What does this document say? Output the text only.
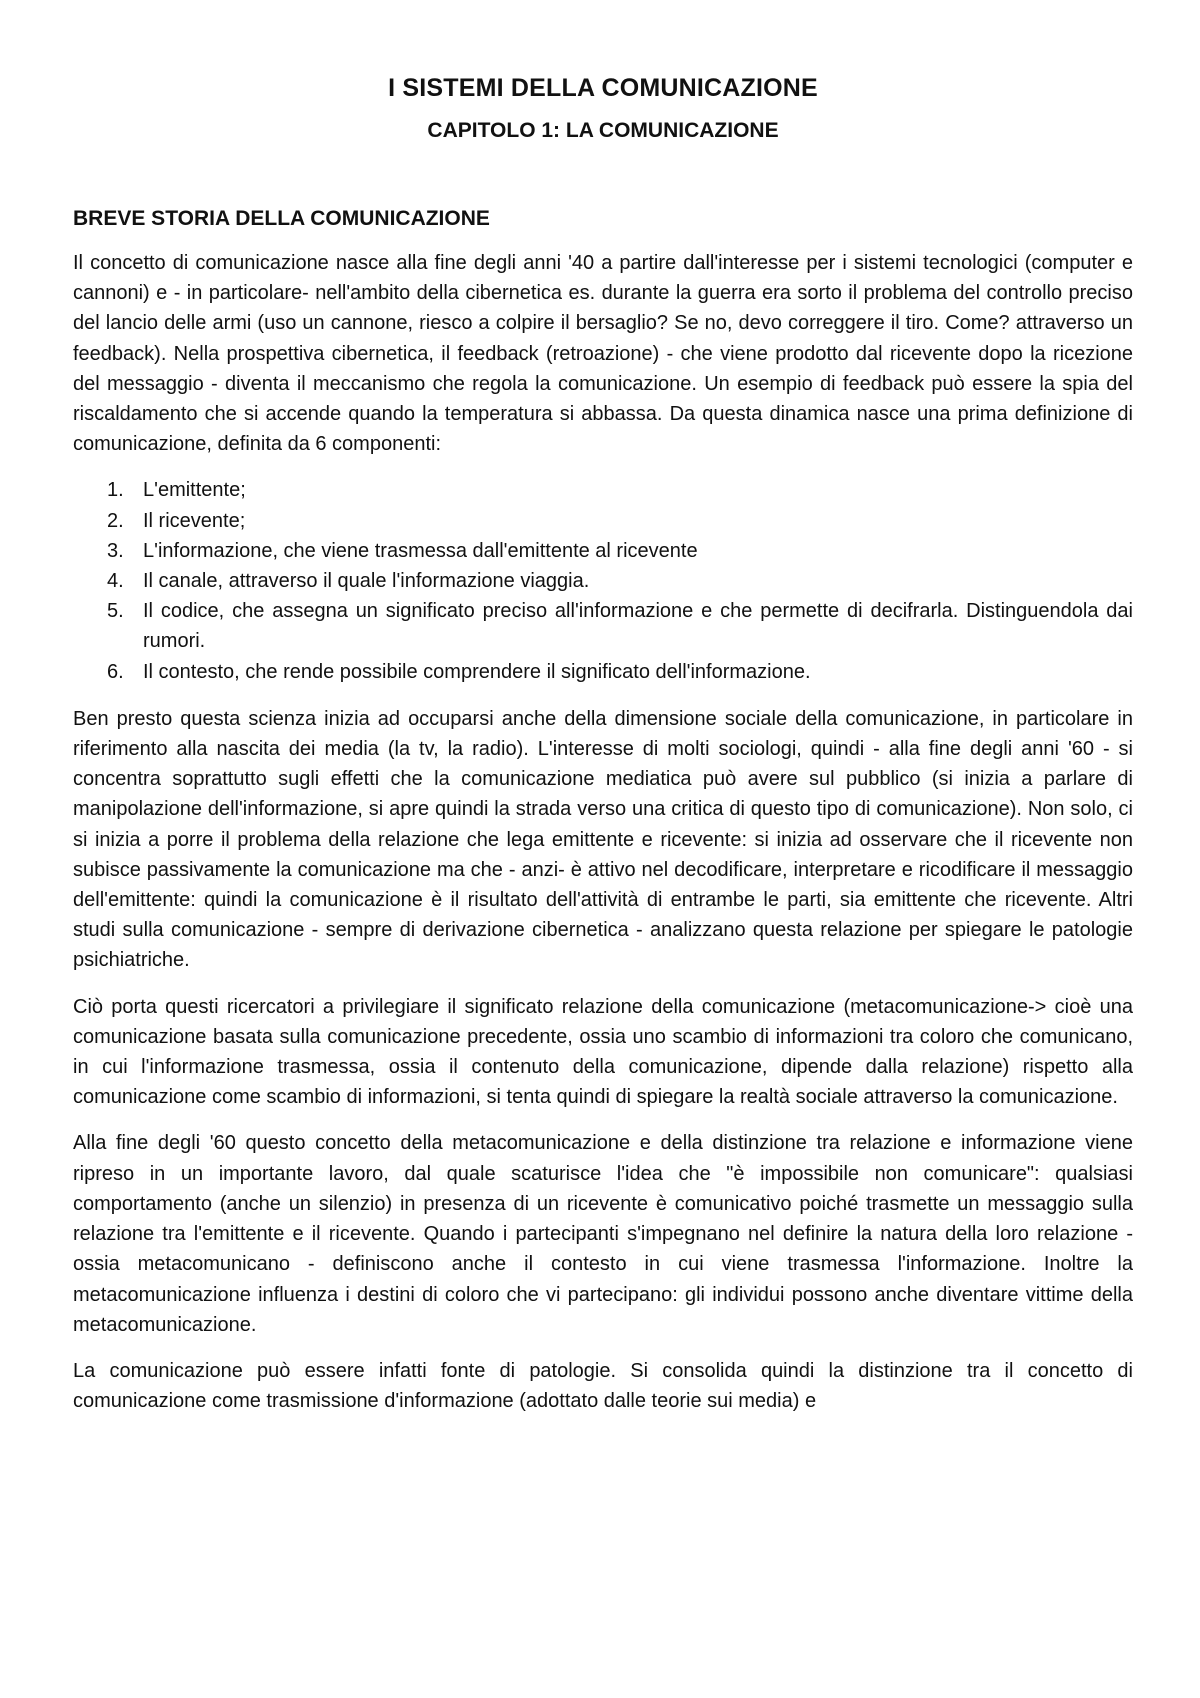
I SISTEMI DELLA COMUNICAZIONE
CAPITOLO 1: LA COMUNICAZIONE
BREVE STORIA DELLA COMUNICAZIONE

Il concetto di comunicazione nasce alla fine degli anni '40 a partire dall'interesse per i sistemi tecnologici (computer e cannoni) e - in particolare- nell'ambito della cibernetica es. durante la guerra era sorto il problema del controllo preciso del lancio delle armi (uso un cannone, riesco a colpire il bersaglio? Se no, devo correggere il tiro. Come? attraverso un feedback). Nella prospettiva cibernetica, il feedback (retroazione) - che viene prodotto dal ricevente dopo la ricezione del messaggio - diventa il meccanismo che regola la comunicazione. Un esempio di feedback può essere la spia del riscaldamento che si accende quando la temperatura si abbassa. Da questa dinamica nasce una prima definizione di comunicazione, definita da 6 componenti:

1. L'emittente;
2. Il ricevente;
3. L'informazione, che viene trasmessa dall'emittente al ricevente
4. Il canale, attraverso il quale l'informazione viaggia.
5. Il codice, che assegna un significato preciso all'informazione e che permette di decifrarla. Distinguendola dai rumori.
6. Il contesto, che rende possibile comprendere il significato dell'informazione.

Ben presto questa scienza inizia ad occuparsi anche della dimensione sociale della comunicazione, in particolare in riferimento alla nascita dei media (la tv, la radio). L'interesse di molti sociologi, quindi - alla fine degli anni '60 - si concentra soprattutto sugli effetti che la comunicazione mediatica può avere sul pubblico (si inizia a parlare di manipolazione dell'informazione, si apre quindi la strada verso una critica di questo tipo di comunicazione). Non solo, ci si inizia a porre il problema della relazione che lega emittente e ricevente: si inizia ad osservare che il ricevente non subisce passivamente la comunicazione ma che - anzi- è attivo nel decodificare, interpretare e ricodificare il messaggio dell'emittente: quindi la comunicazione è il risultato dell'attività di entrambe le parti, sia emittente che ricevente. Altri studi sulla comunicazione - sempre di derivazione cibernetica - analizzano questa relazione per spiegare le patologie psichiatriche.

Ciò porta questi ricercatori a privilegiare il significato relazione della comunicazione (metacomunicazione-> cioè una comunicazione basata sulla comunicazione precedente, ossia uno scambio di informazioni tra coloro che comunicano, in cui l'informazione trasmessa, ossia il contenuto della comunicazione, dipende dalla relazione) rispetto alla comunicazione come scambio di informazioni, si tenta quindi di spiegare la realtà sociale attraverso la comunicazione.

Alla fine degli '60 questo concetto della metacomunicazione e della distinzione tra relazione e informazione viene ripreso in un importante lavoro, dal quale scaturisce l'idea che "è impossibile non comunicare": qualsiasi comportamento (anche un silenzio) in presenza di un ricevente è comunicativo poiché trasmette un messaggio sulla relazione tra l'emittente e il ricevente. Quando i partecipanti s'impegnano nel definire la natura della loro relazione - ossia metacomunicano - definiscono anche il contesto in cui viene trasmessa l'informazione. Inoltre la metacomunicazione influenza i destini di coloro che vi partecipano: gli individui possono anche diventare vittime della metacomunicazione.

La comunicazione può essere infatti fonte di patologie. Si consolida quindi la distinzione tra il concetto di comunicazione come trasmissione d'informazione (adottato dalle teorie sui media) e
